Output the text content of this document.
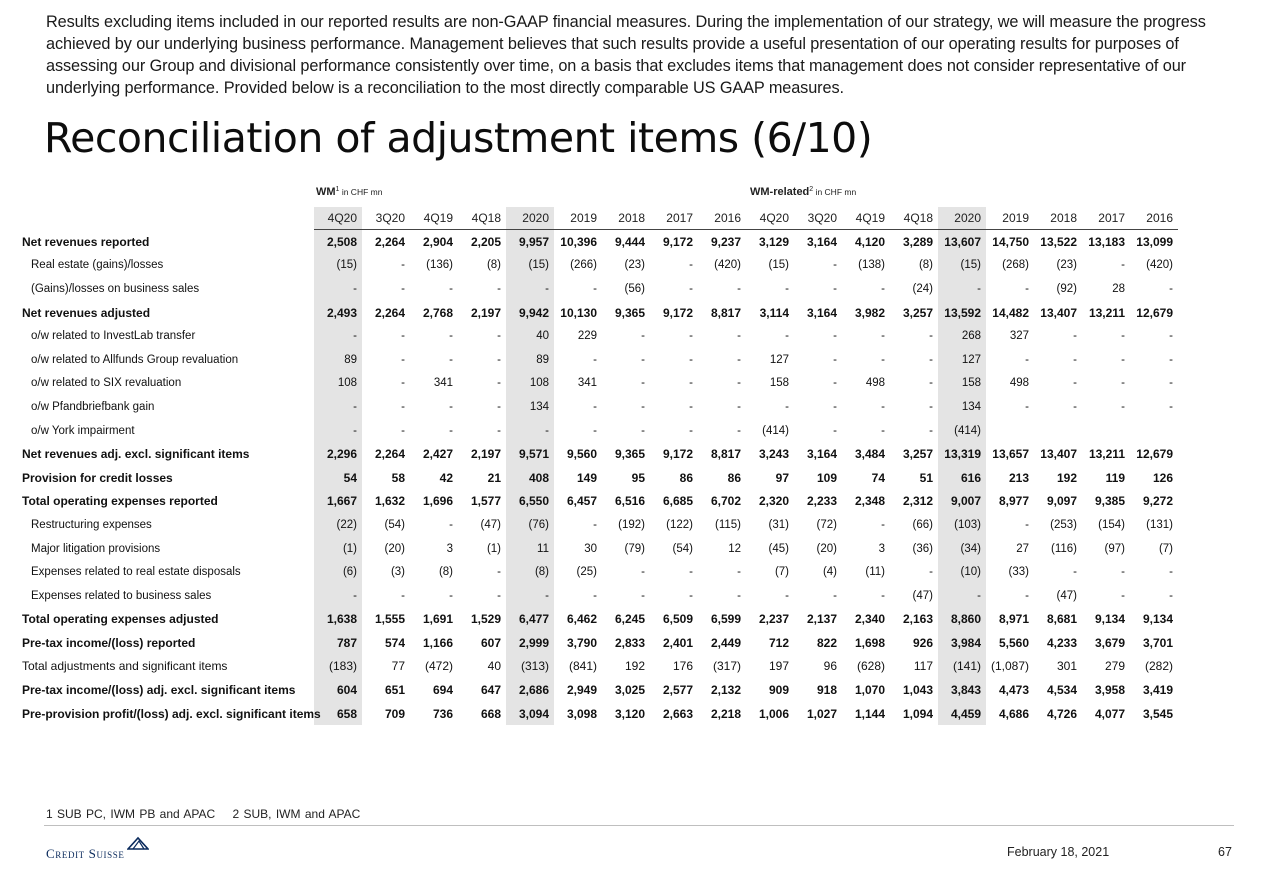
Results excluding items included in our reported results are non-GAAP financial measures. During the implementation of our strategy, we will measure the progress achieved by our underlying business performance. Management believes that such results provide a useful presentation of our operating results for purposes of assessing our Group and divisional performance consistently over time, on a basis that excludes items that management does not consider representative of our underlying performance. Provided below is a reconciliation to the most directly comparable US GAAP measures.
Reconciliation of adjustment items (6/10)
$WM^1$ in CHF mn	WM-related$^2$ in CHF mn
	4Q20	3Q20	4Q19	4Q18	2020	2019	2018	2017	2016	4Q20	3Q20	4Q19	4Q18	2020	2019	2018	2017	2016
Net revenues reported	2,508	2,264	2,904	2,205	9,957	10,396	9,444	9,172	9,237	3,129	3,164	4,120	3,289	13,607	14,750	13,522	13,183	13,099
Real estate (gains)/losses	(15)	-	(136)	(8)	(15)	(266)	(23)	-	(420)	(15)	-	(138)	(8)	(15)	(268)	(23)	-	(420)
(Gains)/losses on business sales	-	-	-	-	-	-	(56)	-	-	-	-	-	(24)	-	-	(92)	28	-
Net revenues adjusted	2,493	2,264	2,768	2,197	9,942	10,130	9,365	9,172	8,817	3,114	3,164	3,982	3,257	13,592	14,482	13,407	13,211	12,679
o/w related to InvestLab transfer	-	-	-	-	40	229	-	-	-	-	-	-	-	268	327	-	-	-
o/w related to Allfunds Group revaluation	89	-	-	-	89	-	-	-	-	127	-	-	-	127	-	-	-	-
o/w related to SIX revaluation	108	-	341	-	108	341	-	-	-	158	-	498	-	158	498	-	-	-
o/w Pfandbriefbank gain	-	-	-	-	134	-	-	-	-	-	-	-	-	134	-	-	-	-
o/w York impairment	-	-	-	-	-	-	-	-	-	(414)	-	-	-	(414)				
Net revenues adj. excl. significant items	2,296	2,264	2,427	2,197	9,571	9,560	9,365	9,172	8,817	3,243	3,164	3,484	3,257	13,319	13,657	13,407	13,211	12,679
Provision for credit losses	54	58	42	21	408	149	95	86	86	97	109	74	51	616	213	192	119	126
Total operating expenses reported	1,667	1,632	1,696	1,577	6,550	6,457	6,516	6,685	6,702	2,320	2,233	2,348	2,312	9,007	8,977	9,097	9,385	9,272
Restructuring expenses	(22)	(54)	-	(47)	(76)	-	(192)	(122)	(115)	(31)	(72)	-	(66)	(103)	-	(253)	(154)	(131)
Major litigation provisions	(1)	(20)	3	(1)	11	30	(79)	(54)	12	(45)	(20)	3	(36)	(34)	27	(116)	(97)	(7)
Expenses related to real estate disposals	(6)	(3)	(8)	-	(8)	(25)	-	-	-	(7)	(4)	(11)	-	(10)	(33)	-	-	-
Expenses related to business sales	-	-	-	-	-	-	-	-	-	-	-	-	(47)	-	-	(47)	-	-
Total operating expenses adjusted	1,638	1,555	1,691	1,529	6,477	6,462	6,245	6,509	6,599	2,237	2,137	2,340	2,163	8,860	8,971	8,681	9,134	9,134
Pre-tax income/(loss) reported	787	574	1,166	607	2,999	3,790	2,833	2,401	2,449	712	822	1,698	926	3,984	5,560	4,233	3,679	3,701
Total adjustments and significant items	(183)	77	(472)	40	(313)	(841)	192	176	(317)	197	96	(628)	117	(141)	(1,087)	301	279	(282)
Pre-tax income/(loss) adj. excl. significant items	604	651	694	647	2,686	2,949	3,025	2,577	2,132	909	918	1,070	1,043	3,843	4,473	4,534	3,958	3,419
Pre-provision profit/(loss) adj. excl. significant items	658	709	736	668	3,094	3,098	3,120	2,663	2,218	1,006	1,027	1,144	1,094	4,459	4,686	4,726	4,077	3,545
1 SUB PC, IWM PB and APAC    2 SUB, IWM and APAC
Credit Suisse	February 18, 2021	67
